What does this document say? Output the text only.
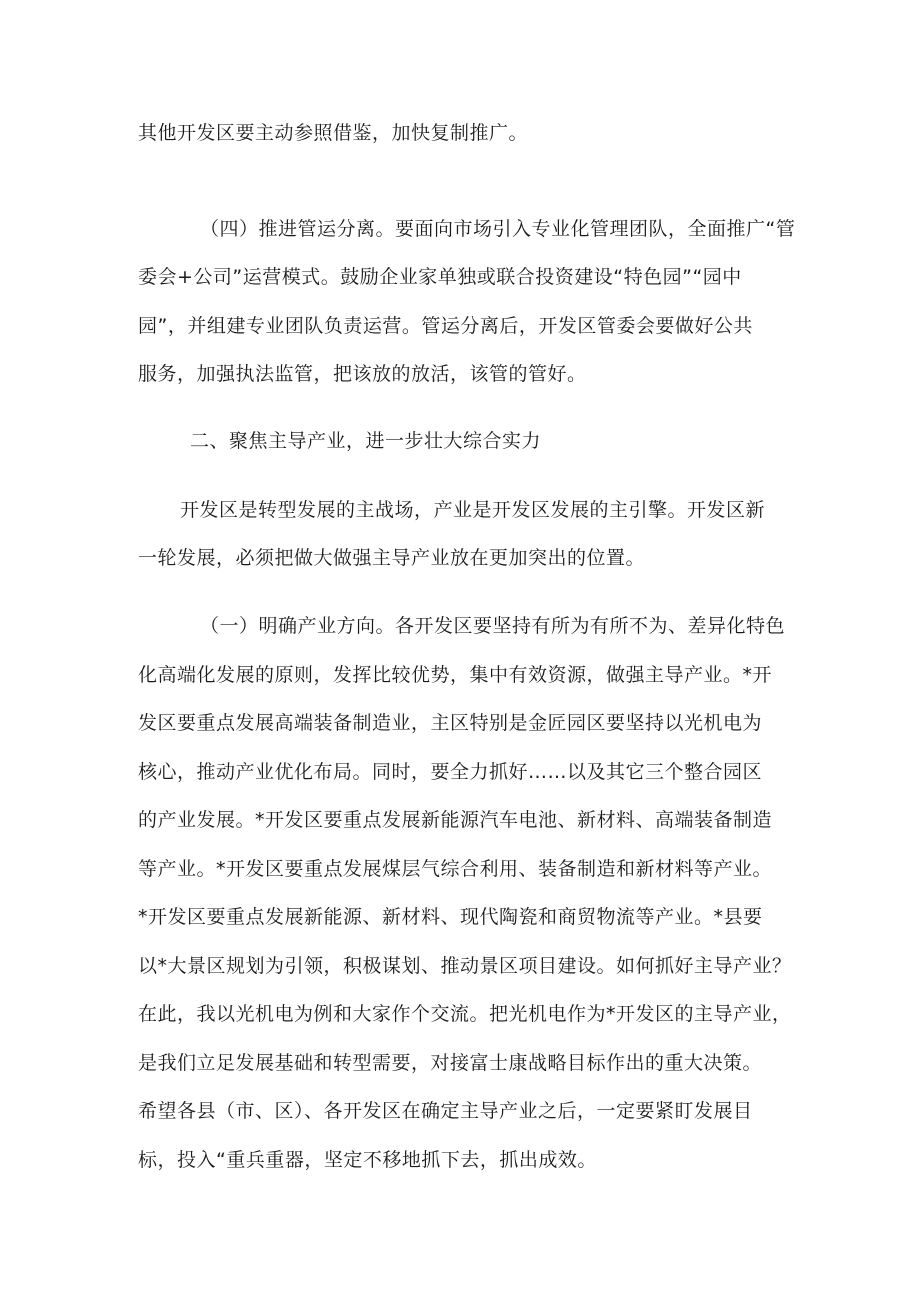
其他开发区要主动参照借鉴，加快复制推广。

（四）推进管运分离。要面向市场引入专业化管理团队，全面推广“管

委会+公司”运营模式。鼓励企业家单独或联合投资建设“特色园”“园中

园”，并组建专业团队负责运营。管运分离后，开发区管委会要做好公共

服务，加强执法监管，把该放的放活，该管的管好。

二、聚焦主导产业，进一步壮大综合实力

开发区是转型发展的主战场，产业是开发区发展的主引擎。开发区新

一轮发展，必须把做大做强主导产业放在更加突出的位置。

（一）明确产业方向。各开发区要坚持有所为有所不为、差异化特色

化高端化发展的原则，发挥比较优势，集中有效资源，做强主导产业。*开

发区要重点发展高端装备制造业，主区特别是金匠园区要坚持以光机电为

核心，推动产业优化布局。同时，要全力抓好……以及其它三个整合园区

的产业发展。*开发区要重点发展新能源汽车电池、新材料、高端装备制造

等产业。*开发区要重点发展煤层气综合利用、装备制造和新材料等产业。

*开发区要重点发展新能源、新材料、现代陶瓷和商贸物流等产业。*县要

以*大景区规划为引领，积极谋划、推动景区项目建设。如何抓好主导产业？

在此，我以光机电为例和大家作个交流。把光机电作为*开发区的主导产业，

是我们立足发展基础和转型需要，对接富士康战略目标作出的重大决策。

希望各县（市、区）、各开发区在确定主导产业之后，一定要紧盯发展目

标，投入“重兵重器，坚定不移地抓下去，抓出成效。
